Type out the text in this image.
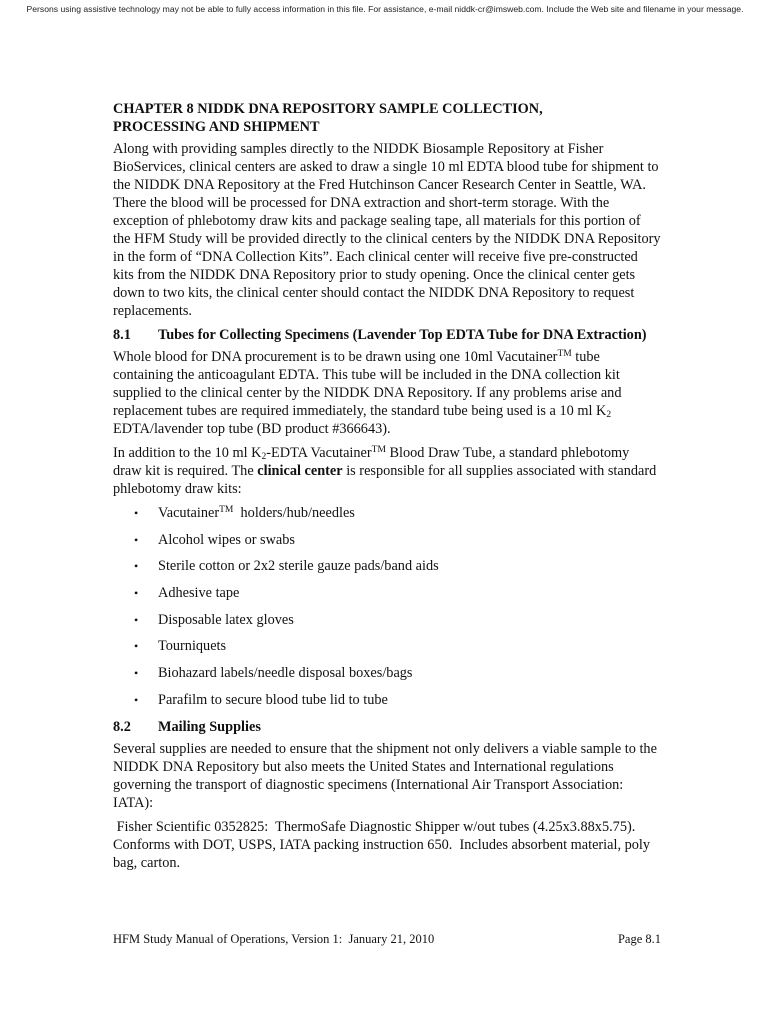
Persons using assistive technology may not be able to fully access information in this file. For assistance, e-mail niddk-cr@imsweb.com. Include the Web site and filename in your message.
CHAPTER 8 NIDDK DNA REPOSITORY SAMPLE COLLECTION,
PROCESSING AND SHIPMENT

Along with providing samples directly to the NIDDK Biosample Repository at Fisher BioServices, clinical centers are asked to draw a single 10 ml EDTA blood tube for shipment to the NIDDK DNA Repository at the Fred Hutchinson Cancer Research Center in Seattle, WA. There the blood will be processed for DNA extraction and short-term storage. With the exception of phlebotomy draw kits and package sealing tape, all materials for this portion of the HFM Study will be provided directly to the clinical centers by the NIDDK DNA Repository in the form of “DNA Collection Kits”. Each clinical center will receive five pre-constructed kits from the NIDDK DNA Repository prior to study opening. Once the clinical center gets down to two kits, the clinical center should contact the NIDDK DNA Repository to request replacements.

8.1 Tubes for Collecting Specimens (Lavender Top EDTA Tube for DNA Extraction)

Whole blood for DNA procurement is to be drawn using one 10ml Vacutainer™ tube containing the anticoagulant EDTA. This tube will be included in the DNA collection kit supplied to the clinical center by the NIDDK DNA Repository. If any problems arise and replacement tubes are required immediately, the standard tube being used is a 10 ml $K_2$ EDTA/lavender top tube (BD product #366643).

In addition to the 10 ml $K_2$-EDTA Vacutainer™ Blood Draw Tube, a standard phlebotomy draw kit is required. The clinical center is responsible for all supplies associated with standard phlebotomy draw kits:

• Vacutainer™  holders/hub/needles
• Alcohol wipes or swabs
• Sterile cotton or 2x2 sterile gauze pads/band aids
• Adhesive tape
• Disposable latex gloves
• Tourniquets
• Biohazard labels/needle disposal boxes/bags
• Parafilm to secure blood tube lid to tube
8.2 Mailing Supplies

Several supplies are needed to ensure that the shipment not only delivers a viable sample to the NIDDK DNA Repository but also meets the United States and International regulations governing the transport of diagnostic specimens (International Air Transport Association: IATA):

Fisher Scientific 0352825:  ThermoSafe Diagnostic Shipper w/out tubes (4.25x3.88x5.75).  Conforms with DOT, USPS, IATA packing instruction 650.  Includes absorbent material, poly bag, carton.

HFM Study Manual of Operations, Version 1:  January 21, 2010	Page 8.1
